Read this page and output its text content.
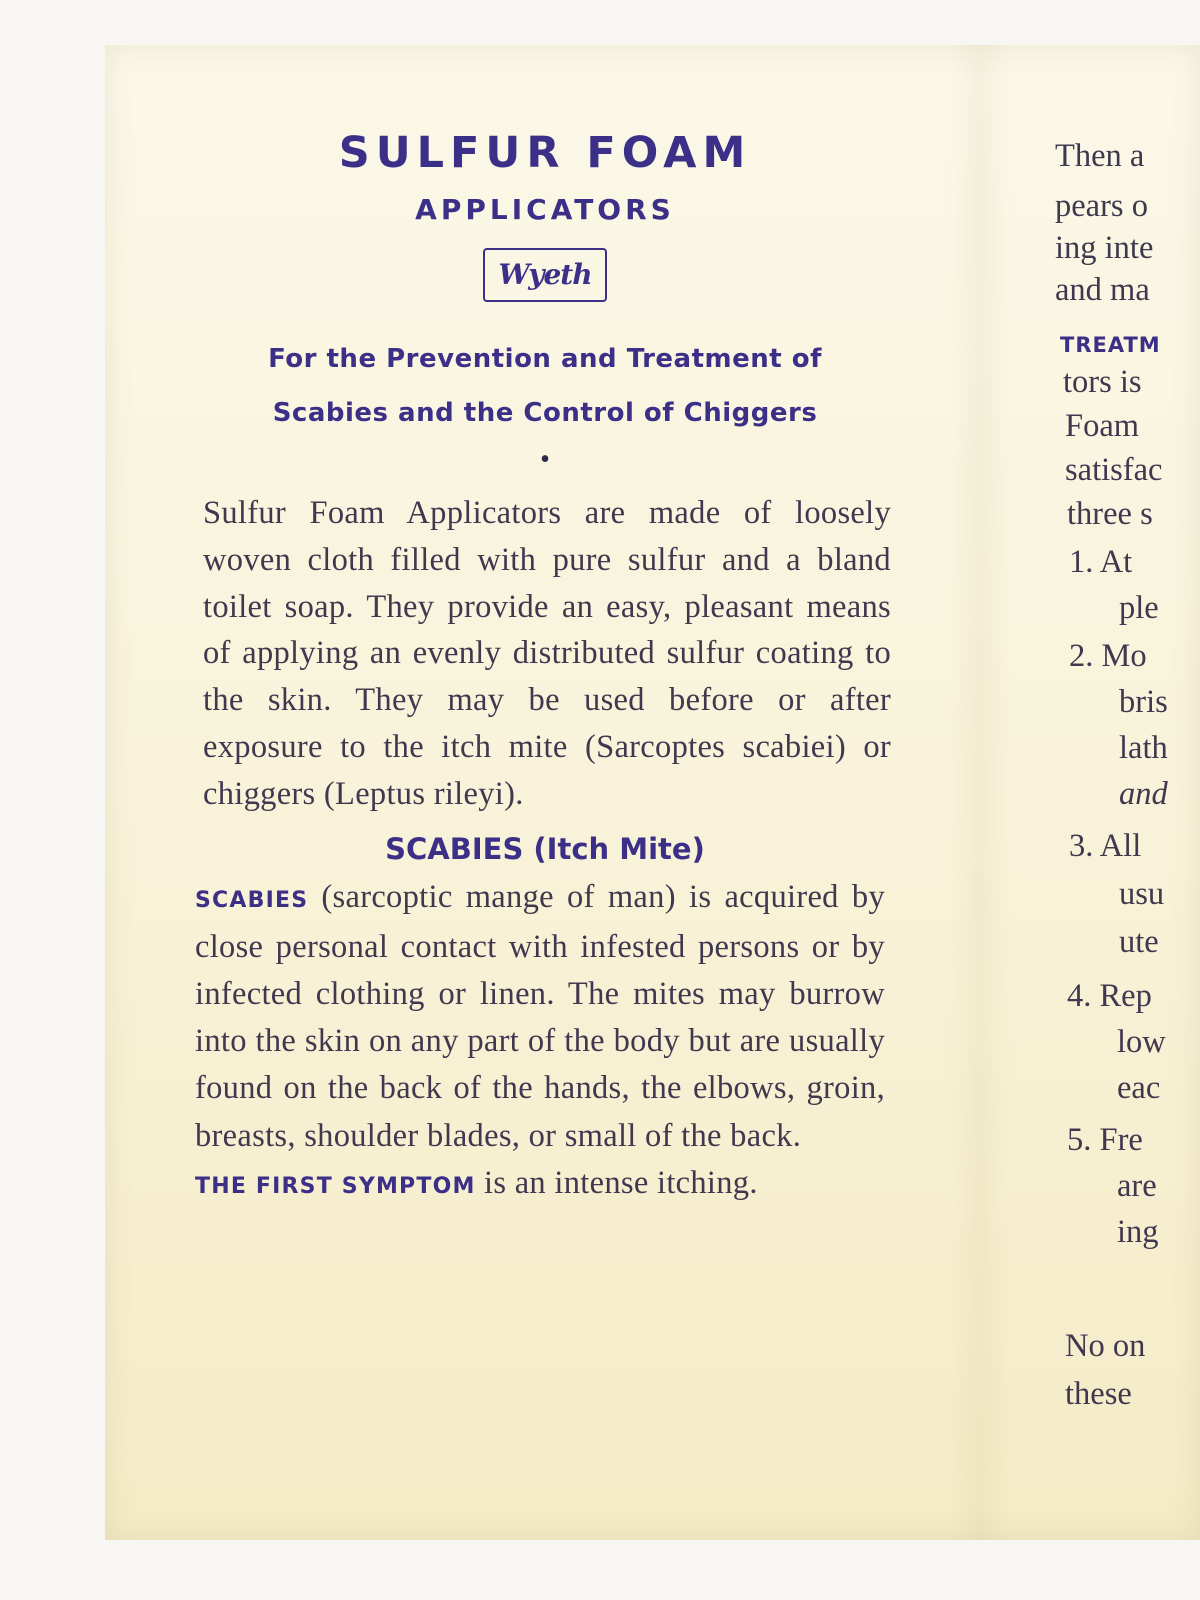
SULFUR FOAM
APPLICATORS
Wyeth
For the Prevention and Treatment of
Scabies and the Control of Chiggers
•

Sulfur Foam Applicators are made of loosely woven cloth filled with pure sulfur and a bland toilet soap. They provide an easy, pleasant means of applying an evenly distributed sulfur coating to the skin. They may be used before or after exposure to the itch mite (Sarcoptes scabiei) or chiggers (Leptus rileyi).

SCABIES (Itch Mite)

SCABIES (sarcoptic mange of man) is acquired by close personal contact with infested persons or by infected clothing or linen. The mites may burrow into the skin on any part of the body but are usually found on the back of the hands, the elbows, groin, breasts, shoulder blades, or small of the back.

THE FIRST SYMPTOM is an intense itching.

Then a
pears o
ing inte
and ma
TREATM
tors is
Foam
satisfac
three s
1. At
ple
2. Mo
bris
lath
and
3. All
usu
ute
4. Rep
low
eac
5. Fre
are
ing
No on
these
